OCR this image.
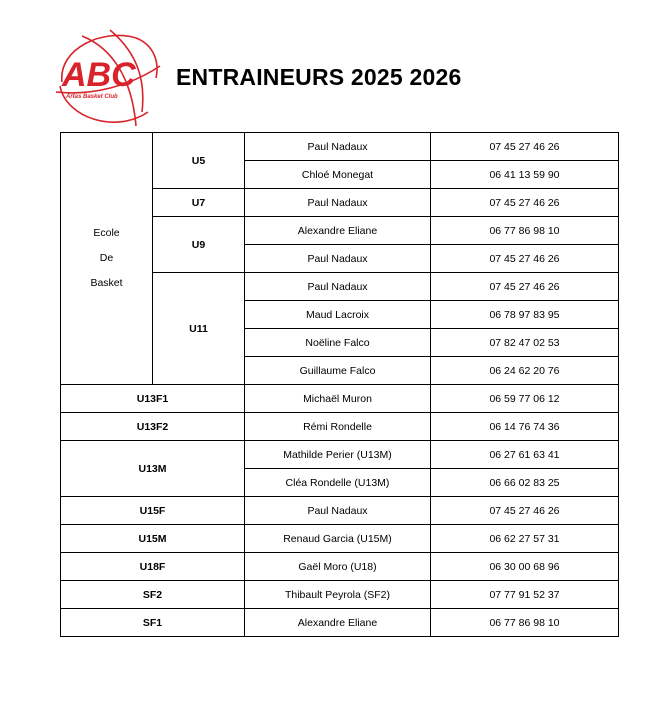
ABC
Artas Basket Club
ENTRAINEURS 2025 2026
Ecole
De
Basket	U5	Paul Nadaux	07 45 27 46 26
		Chloé Monegat	06 41 13 59 90
	U7	Paul Nadaux	07 45 27 46 26
	U9	Alexandre Eliane	06 77 86 98 10
		Paul Nadaux	07 45 27 46 26
	U11	Paul Nadaux	07 45 27 46 26
		Maud Lacroix	06 78 97 83 95
		Noëline Falco	07 82 47 02 53
		Guillaume Falco	06 24 62 20 76
U13F1		Michaël Muron	06 59 77 06 12
U13F2		Rémi Rondelle	06 14 76 74 36
U13M		Mathilde Perier (U13M)	06 27 61 63 41
		Cléa Rondelle (U13M)	06 66 02 83 25
U15F		Paul Nadaux	07 45 27 46 26
U15M		Renaud Garcia (U15M)	06 62 27 57 31
U18F		Gaël Moro (U18)	06 30 00 68 96
SF2		Thibault Peyrola (SF2)	07 77 91 52 37
SF1		Alexandre Eliane	06 77 86 98 10
